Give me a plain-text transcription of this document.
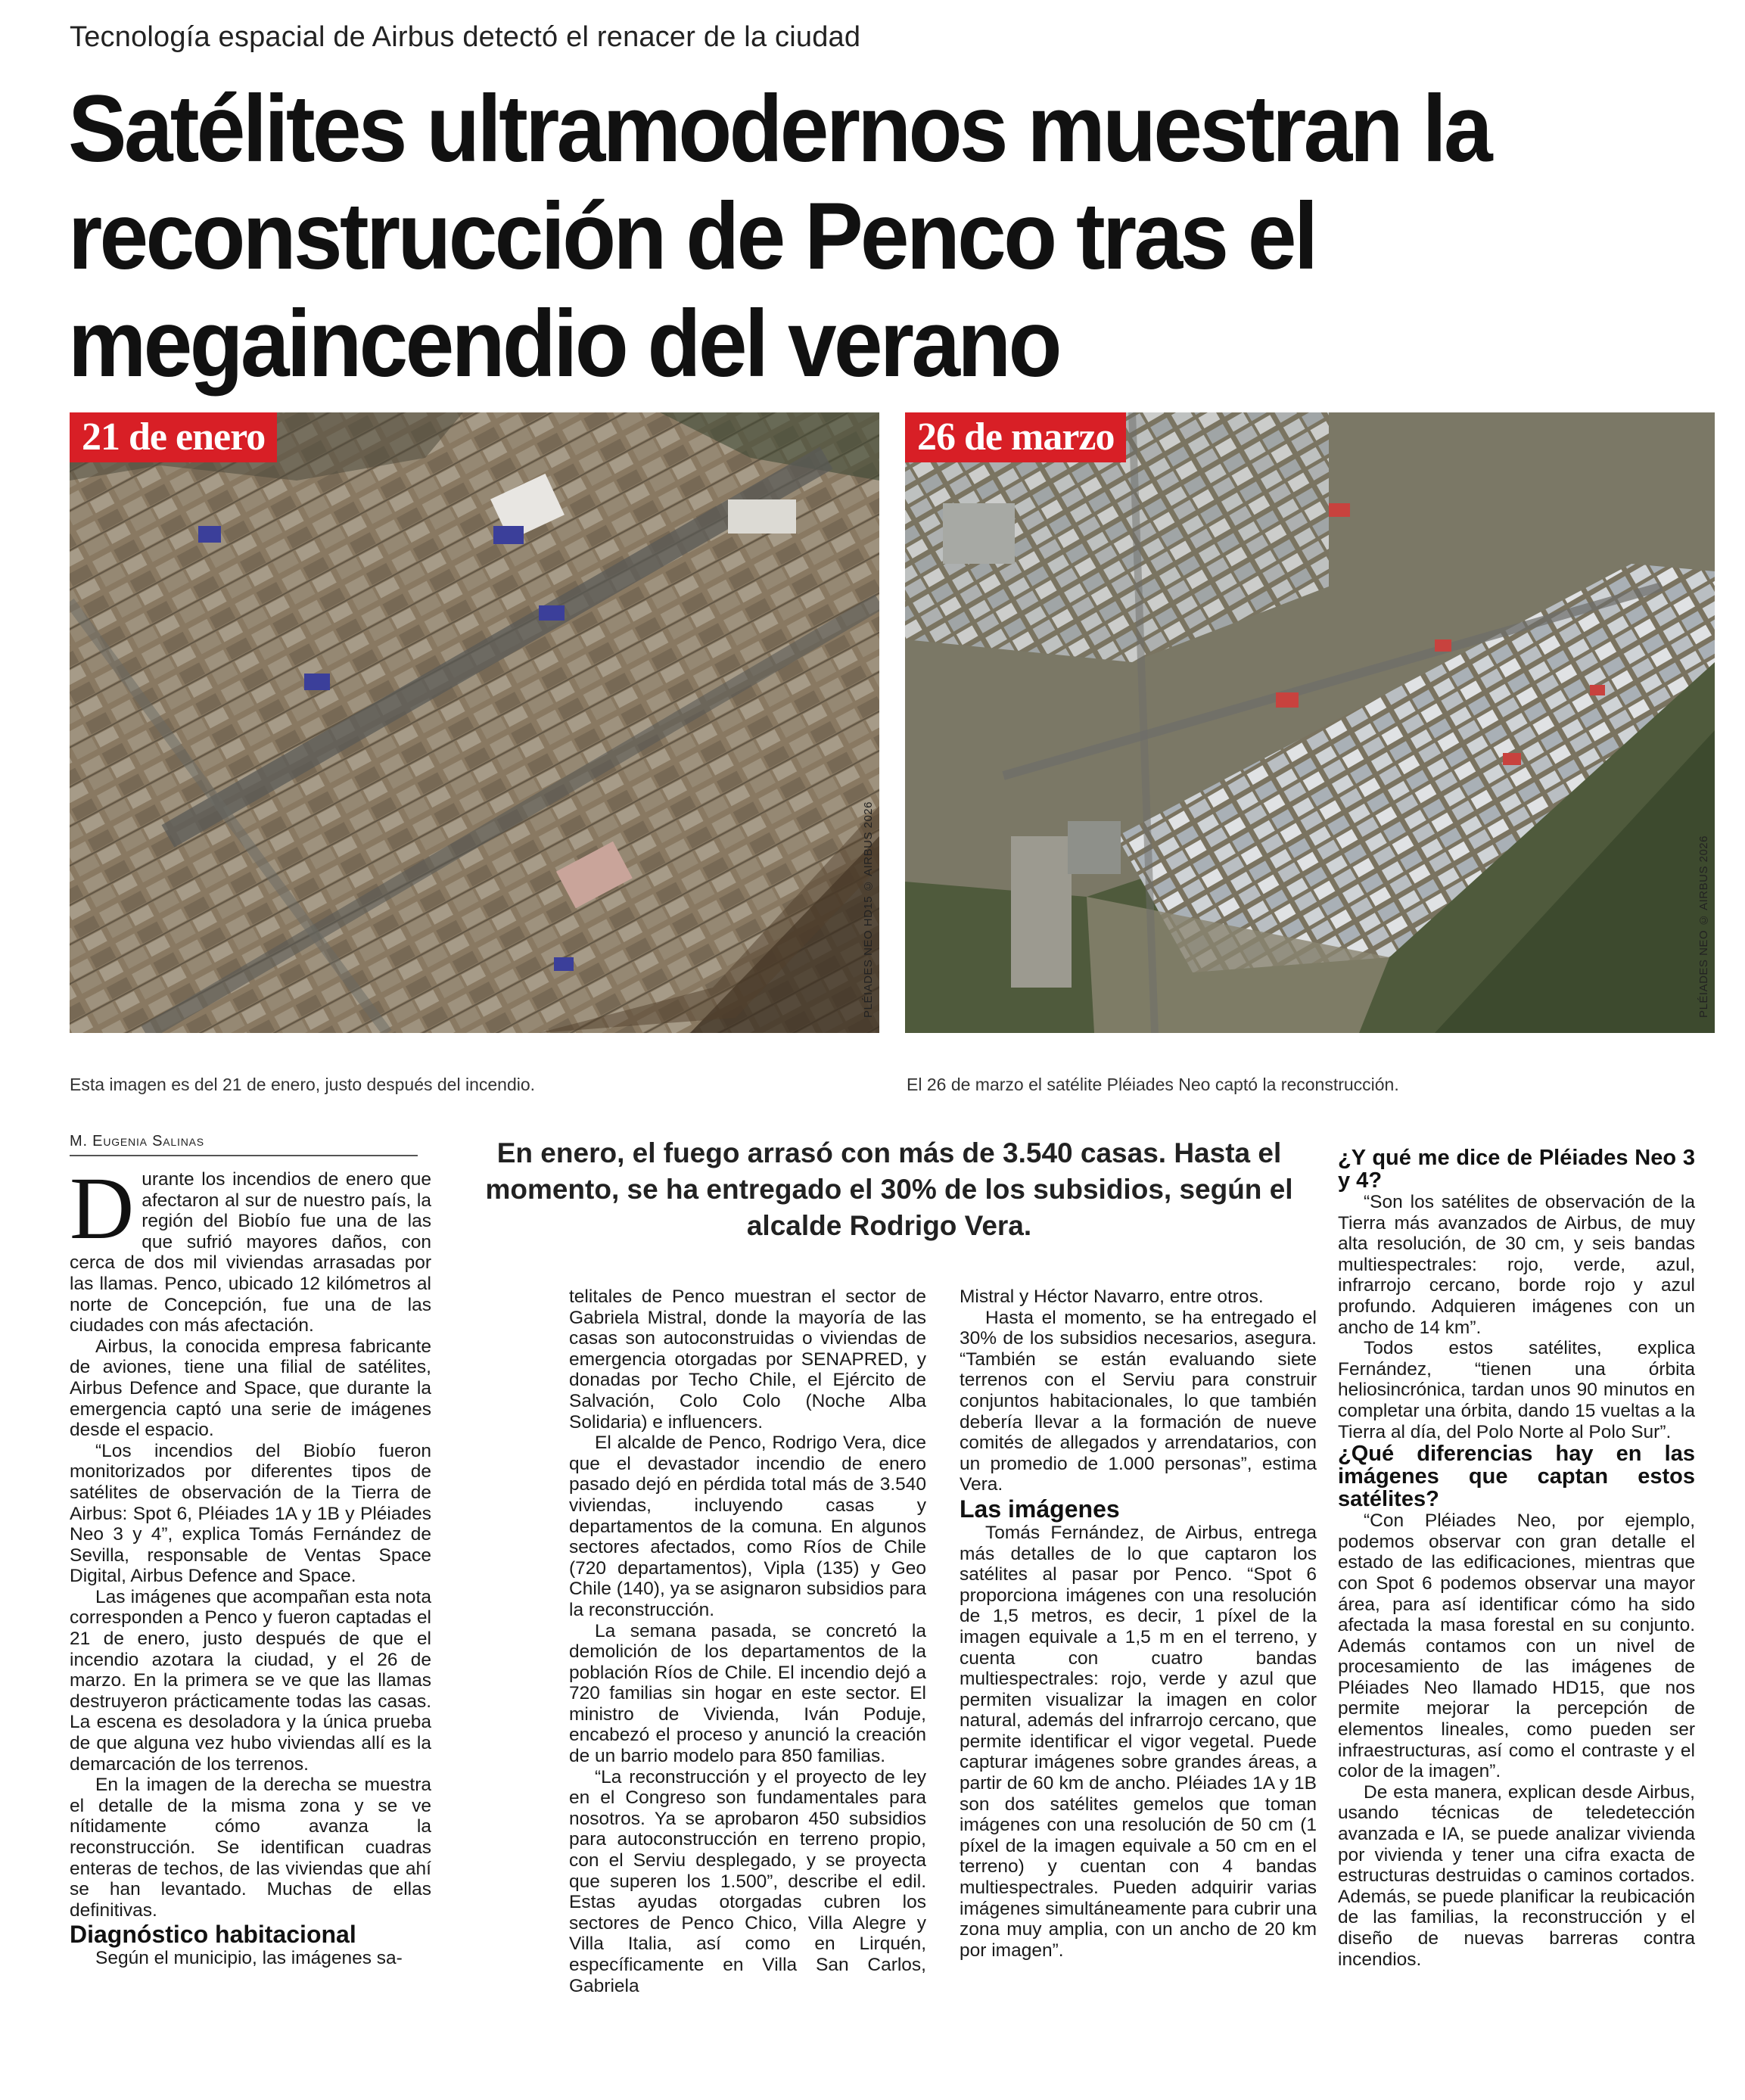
Tecnología espacial de Airbus detectó el renacer de la ciudad
Satélites ultramodernos muestran la reconstrucción de Penco tras el megaincendio del verano
21 de enero
PLÉIADES NEO HD15 © AIRBUS 2026
26 de marzo
PLÉIADES NEO © AIRBUS 2026
Esta imagen es del 21 de enero, justo después del incendio.	El 26 de marzo el satélite Pléiades Neo captó la reconstrucción.
M. Eugenia Salinas	En enero, el fuego arrasó con más de 3.540 casas. Hasta el momento, se ha entregado el 30% de los subsidios, según el alcalde Rodrigo Vera.

Durante los incendios de enero que afectaron al sur de nuestro país, la región del Biobío fue una de las que sufrió mayores daños, con cerca de dos mil viviendas arrasadas por las llamas. Penco, ubicado 12 kilómetros al norte de Concepción, fue una de las ciudades con más afectación.

Airbus, la conocida empresa fabricante de aviones, tiene una filial de satélites, Airbus Defence and Space, que durante la emergencia captó una serie de imágenes desde el espacio.

“Los incendios del Biobío fueron monitorizados por diferentes tipos de satélites de observación de la Tierra de Airbus: Spot 6, Pléiades 1A y 1B y Pléiades Neo 3 y 4”, explica Tomás Fernández de Sevilla, responsable de Ventas Space Digital, Airbus Defence and Space.

Las imágenes que acompañan esta nota corresponden a Penco y fueron captadas el 21 de enero, justo después de que el incendio azotara la ciudad, y el 26 de marzo. En la primera se ve que las llamas destruyeron prácticamente todas las casas. La escena es desoladora y la única prueba de que alguna vez hubo viviendas allí es la demarcación de los terrenos.

En la imagen de la derecha se muestra el detalle de la misma zona y se ve nítidamente cómo avanza la reconstrucción. Se identifican cuadras enteras de techos, de las viviendas que ahí se han levantado. Muchas de ellas definitivas.

Diagnóstico habitacional

Según el municipio, las imágenes sa-

telitales de Penco muestran el sector de Gabriela Mistral, donde la mayoría de las casas son autoconstruidas o viviendas de emergencia otorgadas por SENAPRED, y donadas por Techo Chile, el Ejército de Salvación, Colo Colo (Noche Alba Solidaria) e influencers.

El alcalde de Penco, Rodrigo Vera, dice que el devastador incendio de enero pasado dejó en pérdida total más de 3.540 viviendas, incluyendo casas y departamentos de la comuna. En algunos sectores afectados, como Ríos de Chile (720 departamentos), Vipla (135) y Geo Chile (140), ya se asignaron subsidios para la reconstrucción.

La semana pasada, se concretó la demolición de los departamentos de la población Ríos de Chile. El incendio dejó a 720 familias sin hogar en este sector. El ministro de Vivienda, Iván Poduje, encabezó el proceso y anunció la creación de un barrio modelo para 850 familias.

“La reconstrucción y el proyecto de ley en el Congreso son fundamentales para nosotros. Ya se aprobaron 450 subsidios para autoconstrucción en terreno propio, con el Serviu desplegado, y se proyecta que superen los 1.500”, describe el edil. Estas ayudas otorgadas cubren los sectores de Penco Chico, Villa Alegre y Villa Italia, así como en Lirquén, específicamente en Villa San Carlos, Gabriela

Mistral y Héctor Navarro, entre otros.

Hasta el momento, se ha entregado el 30% de los subsidios necesarios, asegura. “También se están evaluando siete terrenos con el Serviu para construir conjuntos habitacionales, lo que también debería llevar a la formación de nueve comités de allegados y arrendatarios, con un promedio de 1.000 personas”, estima Vera.

Las imágenes

Tomás Fernández, de Airbus, entrega más detalles de lo que captaron los satélites al pasar por Penco. “Spot 6 proporciona imágenes con una resolución de 1,5 metros, es decir, 1 píxel de la imagen equivale a 1,5 m en el terreno, y cuenta con cuatro bandas multiespectrales: rojo, verde y azul que permiten visualizar la imagen en color natural, además del infrarrojo cercano, que permite identificar el vigor vegetal. Puede capturar imágenes sobre grandes áreas, a partir de 60 km de ancho. Pléiades 1A y 1B son dos satélites gemelos que toman imágenes con una resolución de 50 cm (1 píxel de la imagen equivale a 50 cm en el terreno) y cuentan con 4 bandas multiespectrales. Pueden adquirir varias imágenes simultáneamente para cubrir una zona muy amplia, con un ancho de 20 km por imagen”.

¿Y qué me dice de Pléiades Neo 3 y 4?

“Son los satélites de observación de la Tierra más avanzados de Airbus, de muy alta resolución, de 30 cm, y seis bandas multiespectrales: rojo, verde, azul, infrarrojo cercano, borde rojo y azul profundo. Adquieren imágenes con un ancho de 14 km”.

Todos estos satélites, explica Fernández, “tienen una órbita heliosincrónica, tardan unos 90 minutos en completar una órbita, dando 15 vueltas a la Tierra al día, del Polo Norte al Polo Sur”.

¿Qué diferencias hay en las imágenes que captan estos satélites?

“Con Pléiades Neo, por ejemplo, podemos observar con gran detalle el estado de las edificaciones, mientras que con Spot 6 podemos observar una mayor área, para así identificar cómo ha sido afectada la masa forestal en su conjunto. Además contamos con un nivel de procesamiento de las imágenes de Pléiades Neo llamado HD15, que nos permite mejorar la percepción de elementos lineales, como pueden ser infraestructuras, así como el contraste y el color de la imagen”.

De esta manera, explican desde Airbus, usando técnicas de teledetección avanzada e IA, se puede analizar vivienda por vivienda y tener una cifra exacta de estructuras destruidas o caminos cortados. Además, se puede planificar la reubicación de las familias, la reconstrucción y el diseño de nuevas barreras contra incendios.
